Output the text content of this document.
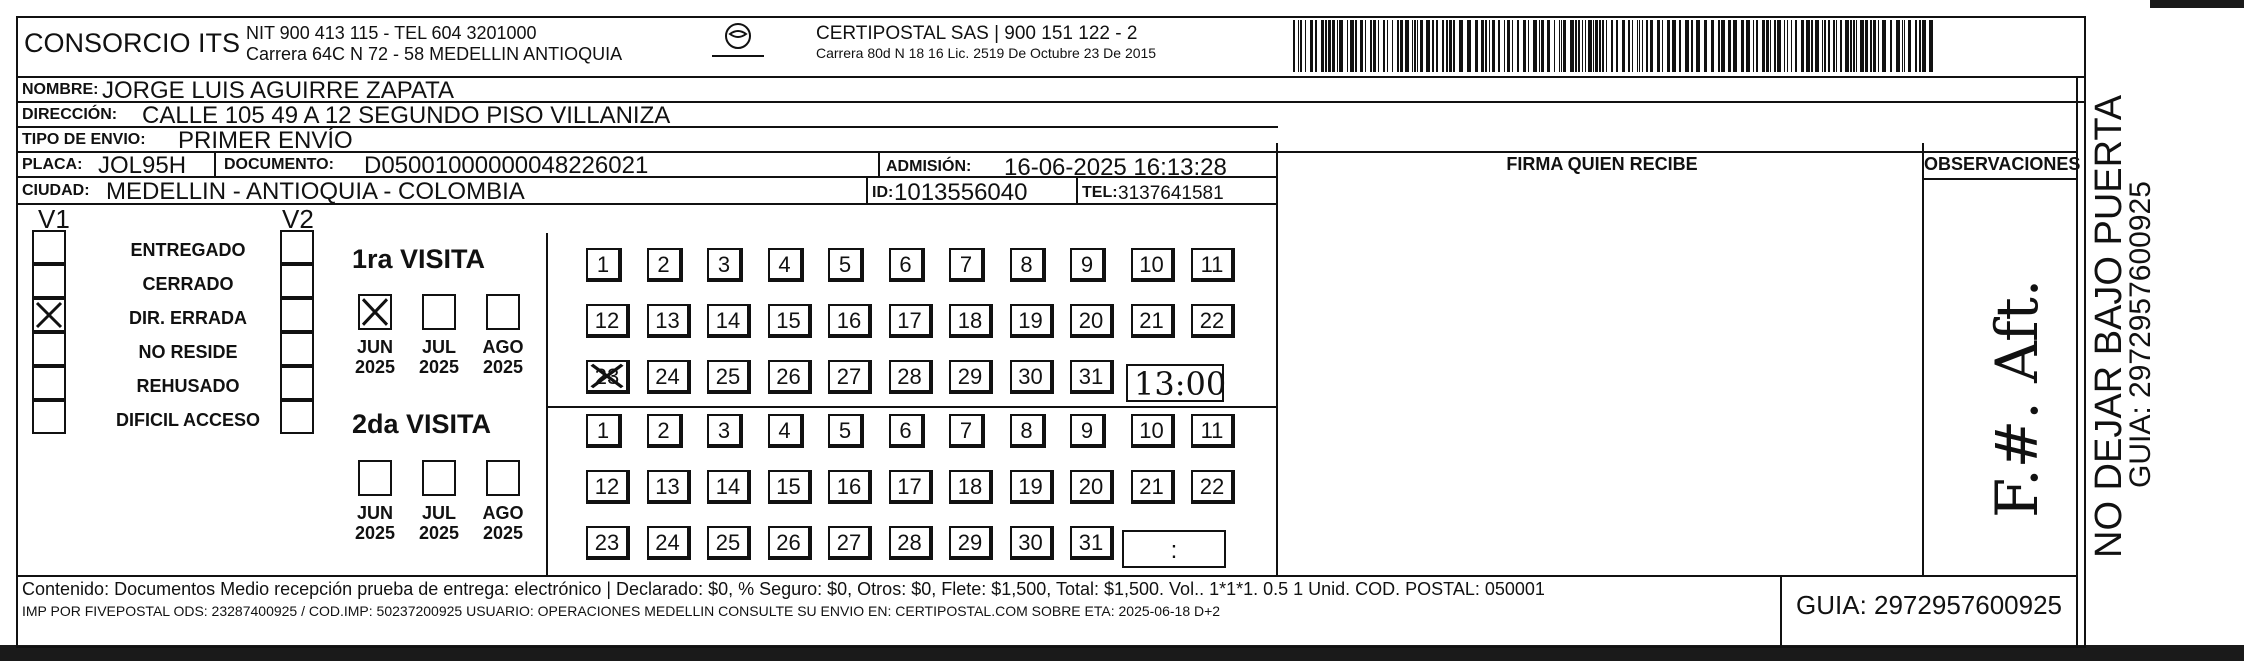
CONSORCIO ITS NIT 900 413 115 - TEL 604 3201000
Carrera 64C N 72 - 58 MEDELLIN ANTIOQUIA
CERTIPOSTAL SAS | 900 151 122 - 2
Carrera 80d N 18 16 Lic. 2519 De Octubre 23 De 2015
NOMBRE: JORGE LUIS AGUIRRE ZAPATA
DIRECCIÓN: CALLE 105 49 A 12 SEGUNDO PISO VILLANIZA
TIPO DE ENVIO: PRIMER ENVÍO
PLACA: JOL95H DOCUMENTO: D05001000000048226021	ADMISIÓN: 16-06-2025 16:13:28
CIUDAD: MEDELLIN - ANTIOQUIA - COLOMBIA	ID: 1013556040	TEL: 3137641581
FIRMA QUIEN RECIBE	OBSERVACIONES
F.#. Aft.
V1	V2
ENTREGADO
CERRADO
DIR. ERRADA
NO RESIDE
REHUSADO
DIFICIL ACCESO
1ra VISITA
JUN
2025
JUL
2025
AGO
2025
1	2	3	4	5	6	7	8	9	10	11
12	13	14	15	16	17	18	19	20	21	22
23	24	25	26	27	28	29	30	31 13:00
2da VISITA
JUN
2025
JUL
2025
AGO
2025
1	2	3	4	5	6	7	8	9	10	11
12	13	14	15	16	17	18	19	20	21	22
23	24	25	26	27	28	29	30	31	:
Contenido: Documentos Medio recepción prueba de entrega: electrónico | Declarado: $0, % Seguro: $0, Otros: $0, Flete: $1,500, Total: $1,500. Vol.. 1*1*1. 0.5 1 Unid. COD. POSTAL: 050001
IMP POR FIVEPOSTAL ODS: 23287400925 / COD.IMP: 50237200925 USUARIO: OPERACIONES MEDELLIN CONSULTE SU ENVIO EN: CERTIPOSTAL.COM SOBRE ETA: 2025-06-18 D+2	GUIA: 2972957600925
NO DEJAR BAJO PUERTA
GUIA: 2972957600925
